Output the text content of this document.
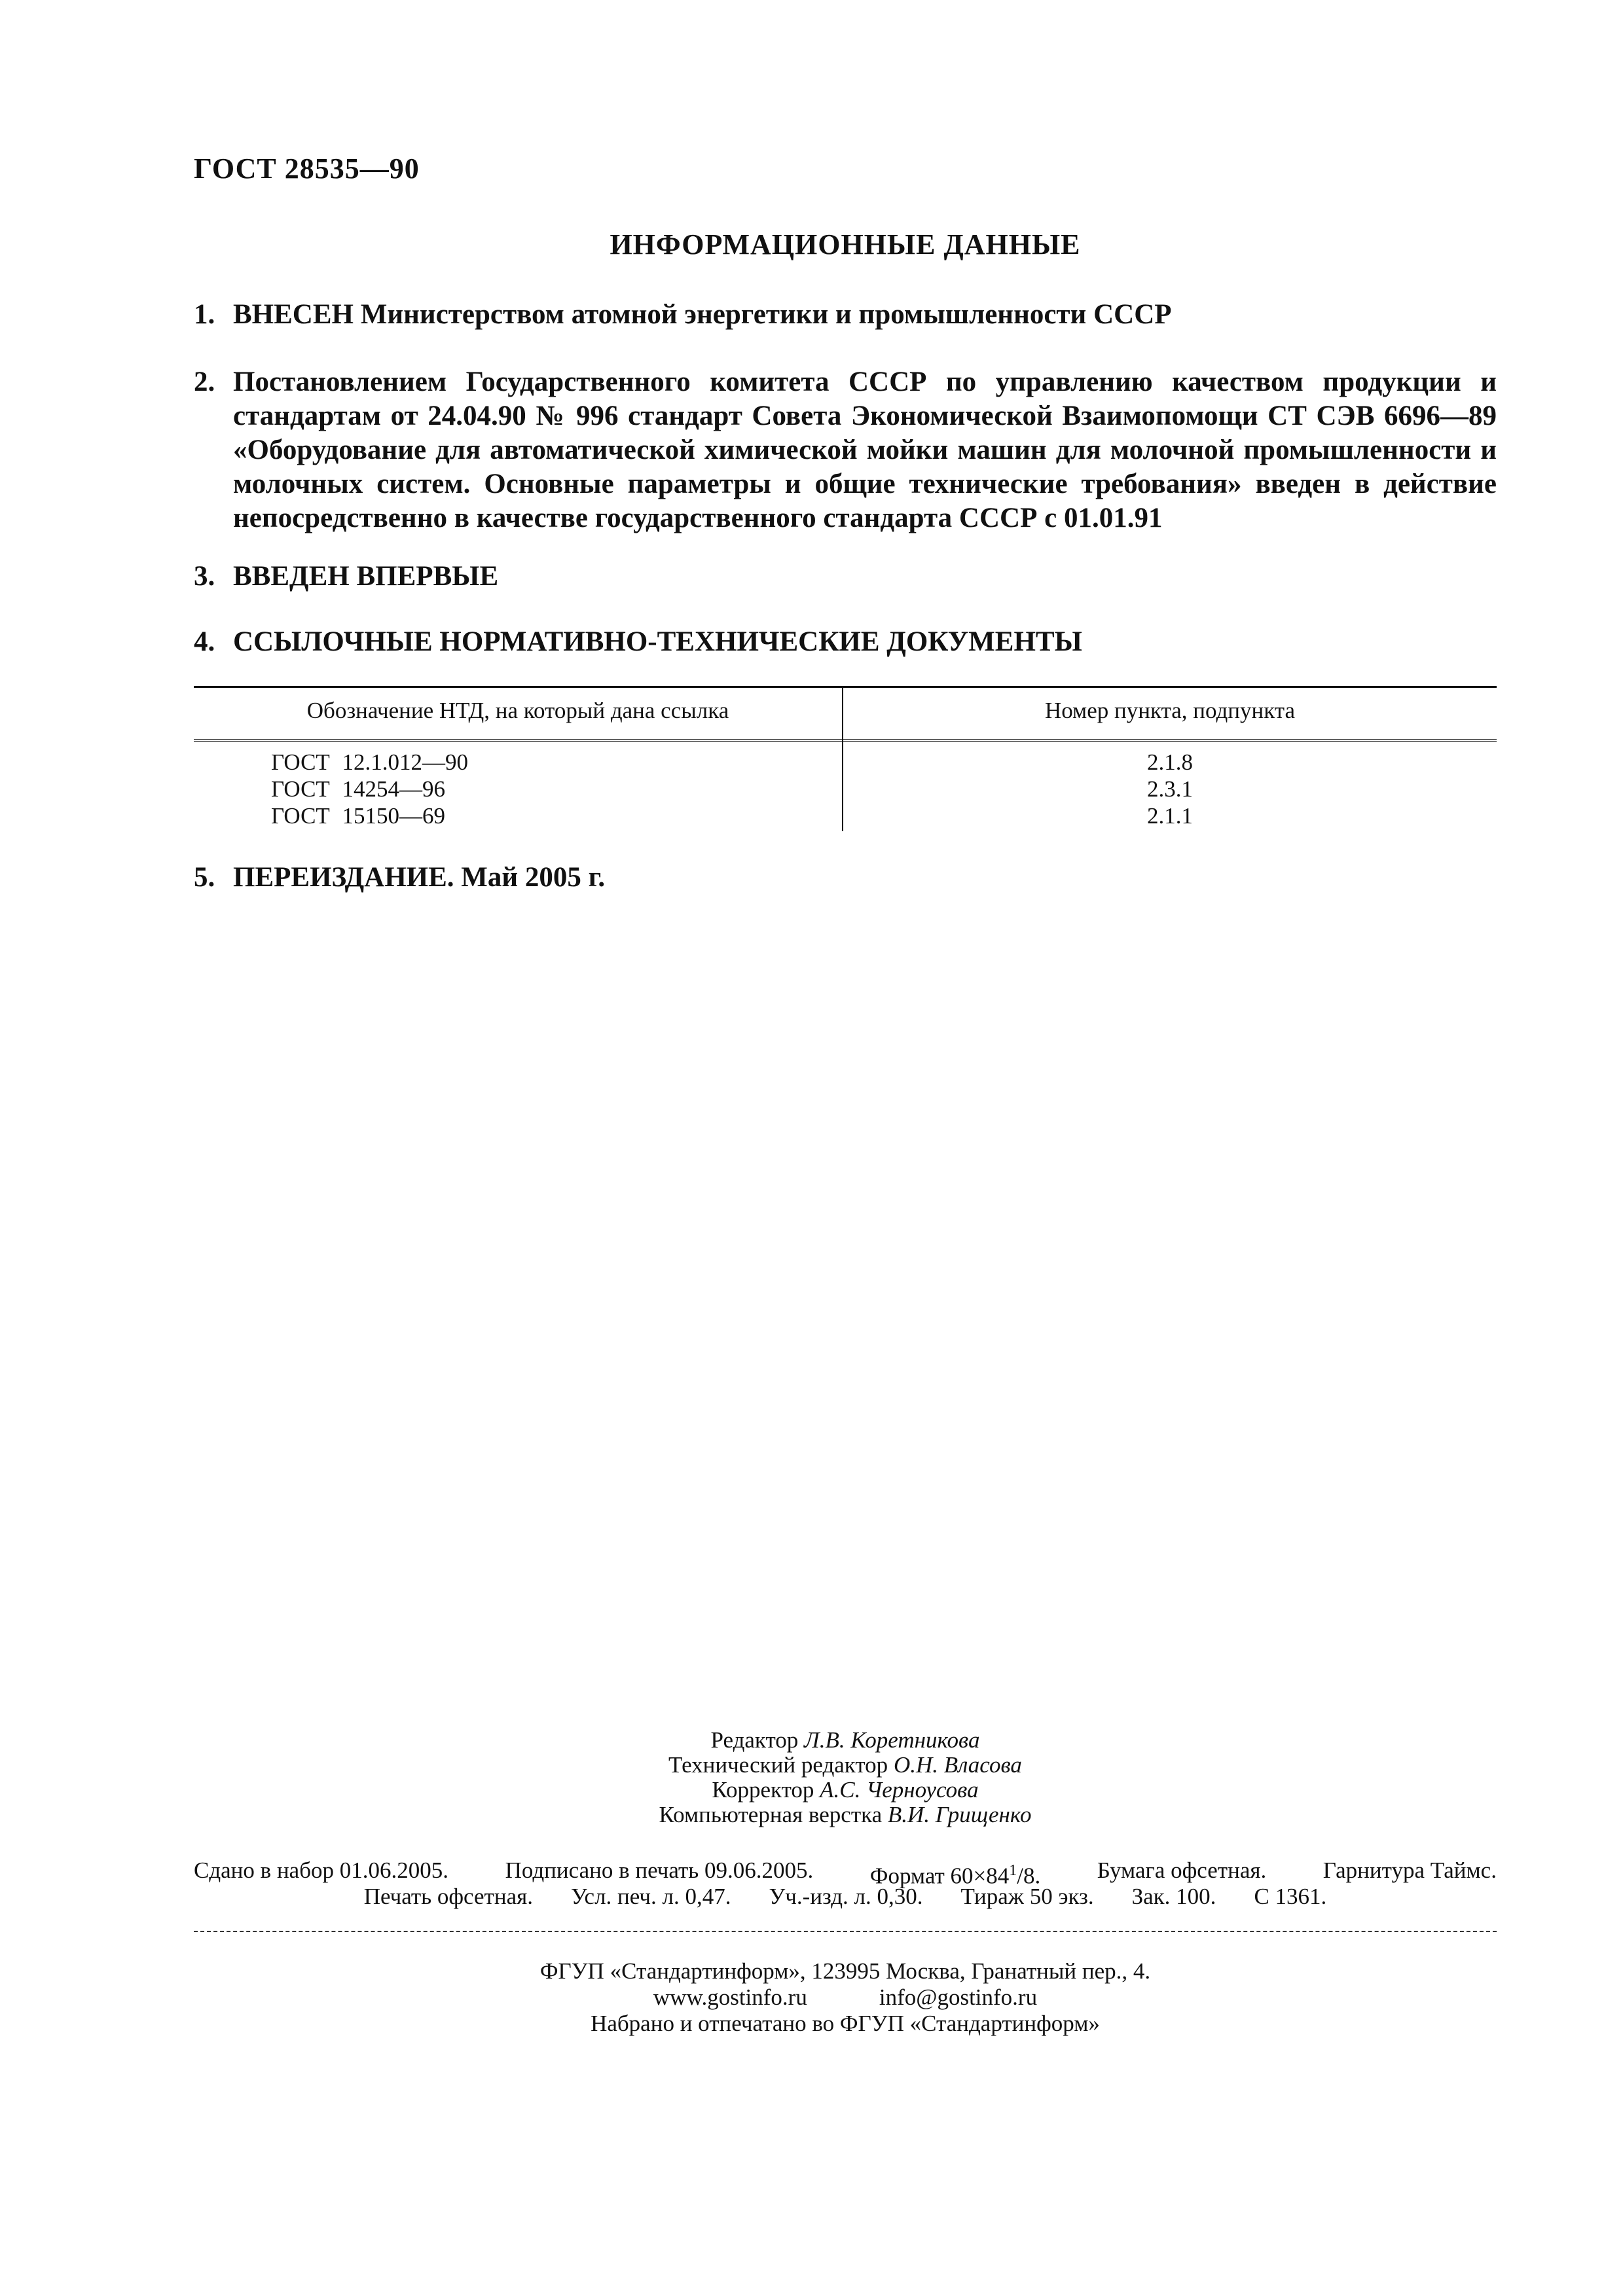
ГОСТ 28535—90
ИНФОРМАЦИОННЫЕ ДАННЫЕ
1. ВНЕСЕН Министерством атомной энергетики и промышленности СССР
2. Постановлением Государственного комитета СССР по управлению качеством продукции и стандартам от 24.04.90 № 996 стандарт Совета Экономической Взаимопомощи СТ СЭВ 6696—89 «Оборудование для автоматической химической мойки машин для молочной промышленности и молочных систем. Основные параметры и общие технические требования» введен в действие непосредственно в качестве государственного стандарта СССР с 01.01.91
3. ВВЕДЕН ВПЕРВЫЕ
4. ССЫЛОЧНЫЕ НОРМАТИВНО-ТЕХНИЧЕСКИЕ ДОКУМЕНТЫ
Обозначение НТД, на который дана ссылка	Номер пункта, подпункта
ГОСТ 12.1.012—90	2.1.8
ГОСТ 14254—96	2.3.1
ГОСТ 15150—69	2.1.1
5. ПЕРЕИЗДАНИЕ. Май 2005 г.
Редактор Л.В. Коретникова
Технический редактор О.Н. Власова
Корректор А.С. Черноусова
Компьютерная верстка В.И. Грищенко
Сдано в набор 01.06.2005. Подписано в печать 09.06.2005. Формат $60\times 84^1/8$. Бумага офсетная. Гарнитура Таймс.
Печать офсетная. Усл. печ. л. 0,47. Уч.-изд. л. 0,30. Тираж 50 экз. Зак. 100. С 1361.
ФГУП «Стандартинформ», 123995 Москва, Гранатный пер., 4.
www.gostinfo.ru	info@gostinfo.ru
Набрано и отпечатано во ФГУП «Стандартинформ»
